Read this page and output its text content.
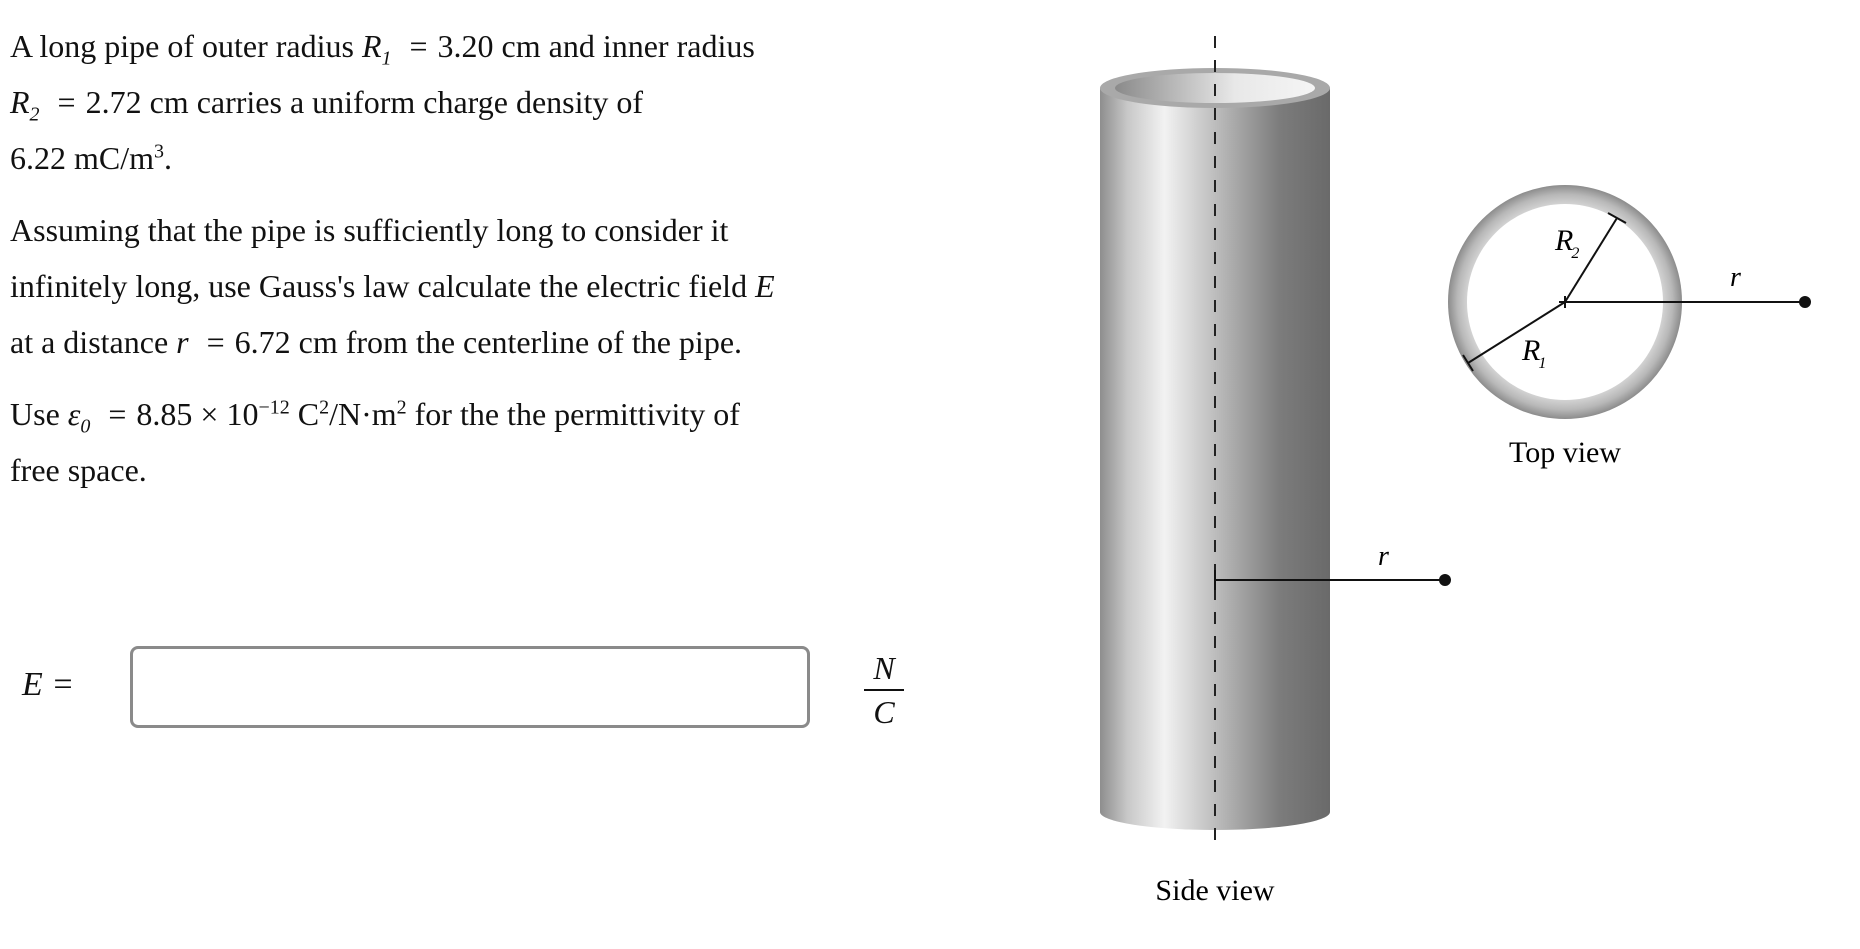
A long pipe of outer radius $R_1 = 3.20$ cm and inner radius
$R_2 = 2.72$ cm carries a uniform charge density of
6.22 $mC/m^3$.

Assuming that the pipe is sufficiently long to consider it
infinitely long, use Gauss's law calculate the electric field E
at a distance r = 6.72 cm from the centerline of the pipe.

Use $\varepsilon_0 = 8.85 \times 10^{-12}$ $C^2/N\cdot m^2$ for the the permittivity of
free space.

E =	N
C
r
Side view
r
R2
R1
Top view
